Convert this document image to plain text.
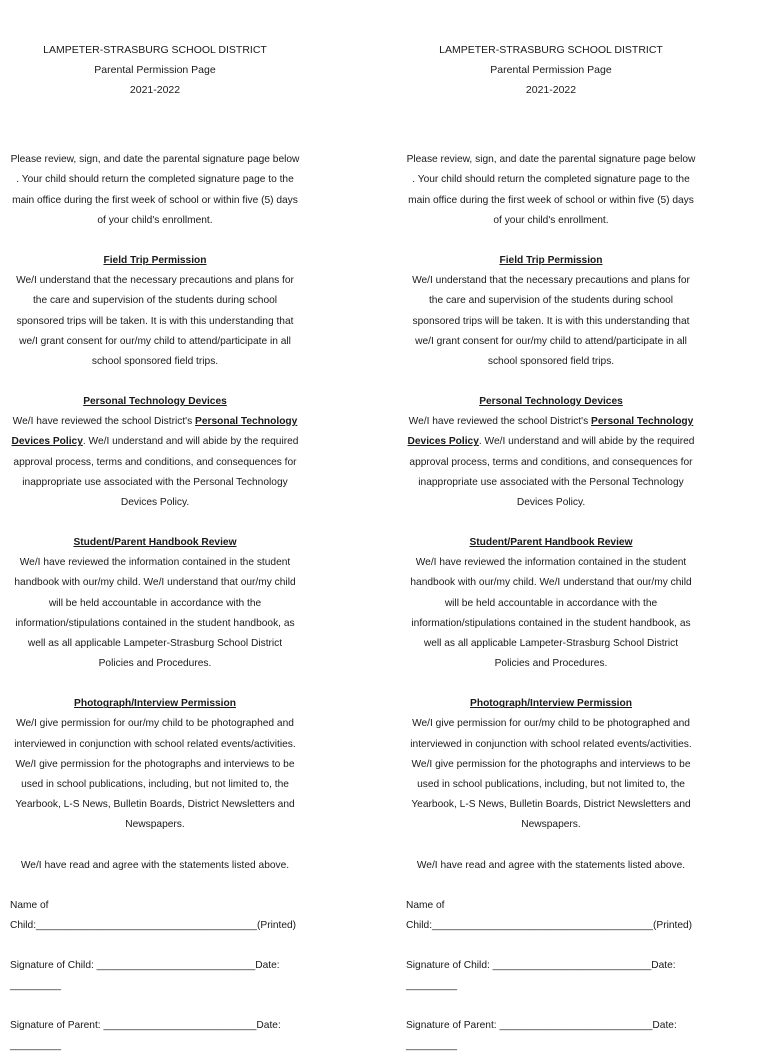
LAMPETER-STRASBURG SCHOOL DISTRICT
Parental Permission Page
2021-2022
Please review, sign, and date the parental signature page below . Your child should return the completed signature page to the main office during the first week of school or within five (5) days of your child's enrollment.
Field Trip Permission
We/I understand that the necessary precautions and plans for the care and supervision of the students during school sponsored trips will be taken. It is with this understanding that we/I grant consent for our/my child to attend/participate in all school sponsored field trips.
Personal Technology Devices
We/I have reviewed the school District's Personal Technology Devices Policy. We/I understand and will abide by the required approval process, terms and conditions, and consequences for inappropriate use associated with the Personal Technology Devices Policy.
Student/Parent Handbook Review
We/I have reviewed the information contained in the student handbook with our/my child. We/I understand that our/my child will be held accountable in accordance with the information/stipulations contained in the student handbook, as well as all applicable Lampeter-Strasburg School District Policies and Procedures.
Photograph/Interview Permission
We/I give permission for our/my child to be photographed and interviewed in conjunction with school related events/activities. We/I give permission for the photographs and interviews to be used in school publications, including, but not limited to, the Yearbook, L-S News, Bulletin Boards, District Newsletters and Newspapers.
We/I have read and agree with the statements listed above.
Name of Child:_______________________________________(Printed)
Signature of Child: ____________________________Date: _________
Signature of Parent: ___________________________Date: _________
LAMPETER-STRASBURG SCHOOL DISTRICT
Parental Permission Page
2021-2022
Please review, sign, and date the parental signature page below . Your child should return the completed signature page to the main office during the first week of school or within five (5) days of your child's enrollment.
Field Trip Permission
We/I understand that the necessary precautions and plans for the care and supervision of the students during school sponsored trips will be taken. It is with this understanding that we/I grant consent for our/my child to attend/participate in all school sponsored field trips.
Personal Technology Devices
We/I have reviewed the school District's Personal Technology Devices Policy. We/I understand and will abide by the required approval process, terms and conditions, and consequences for inappropriate use associated with the Personal Technology Devices Policy.
Student/Parent Handbook Review
We/I have reviewed the information contained in the student handbook with our/my child. We/I understand that our/my child will be held accountable in accordance with the information/stipulations contained in the student handbook, as well as all applicable Lampeter-Strasburg School District Policies and Procedures.
Photograph/Interview Permission
We/I give permission for our/my child to be photographed and interviewed in conjunction with school related events/activities. We/I give permission for the photographs and interviews to be used in school publications, including, but not limited to, the Yearbook, L-S News, Bulletin Boards, District Newsletters and Newspapers.
We/I have read and agree with the statements listed above.
Name of Child:_______________________________________(Printed)
Signature of Child: ____________________________Date: _________
Signature of Parent: ___________________________Date: _________
